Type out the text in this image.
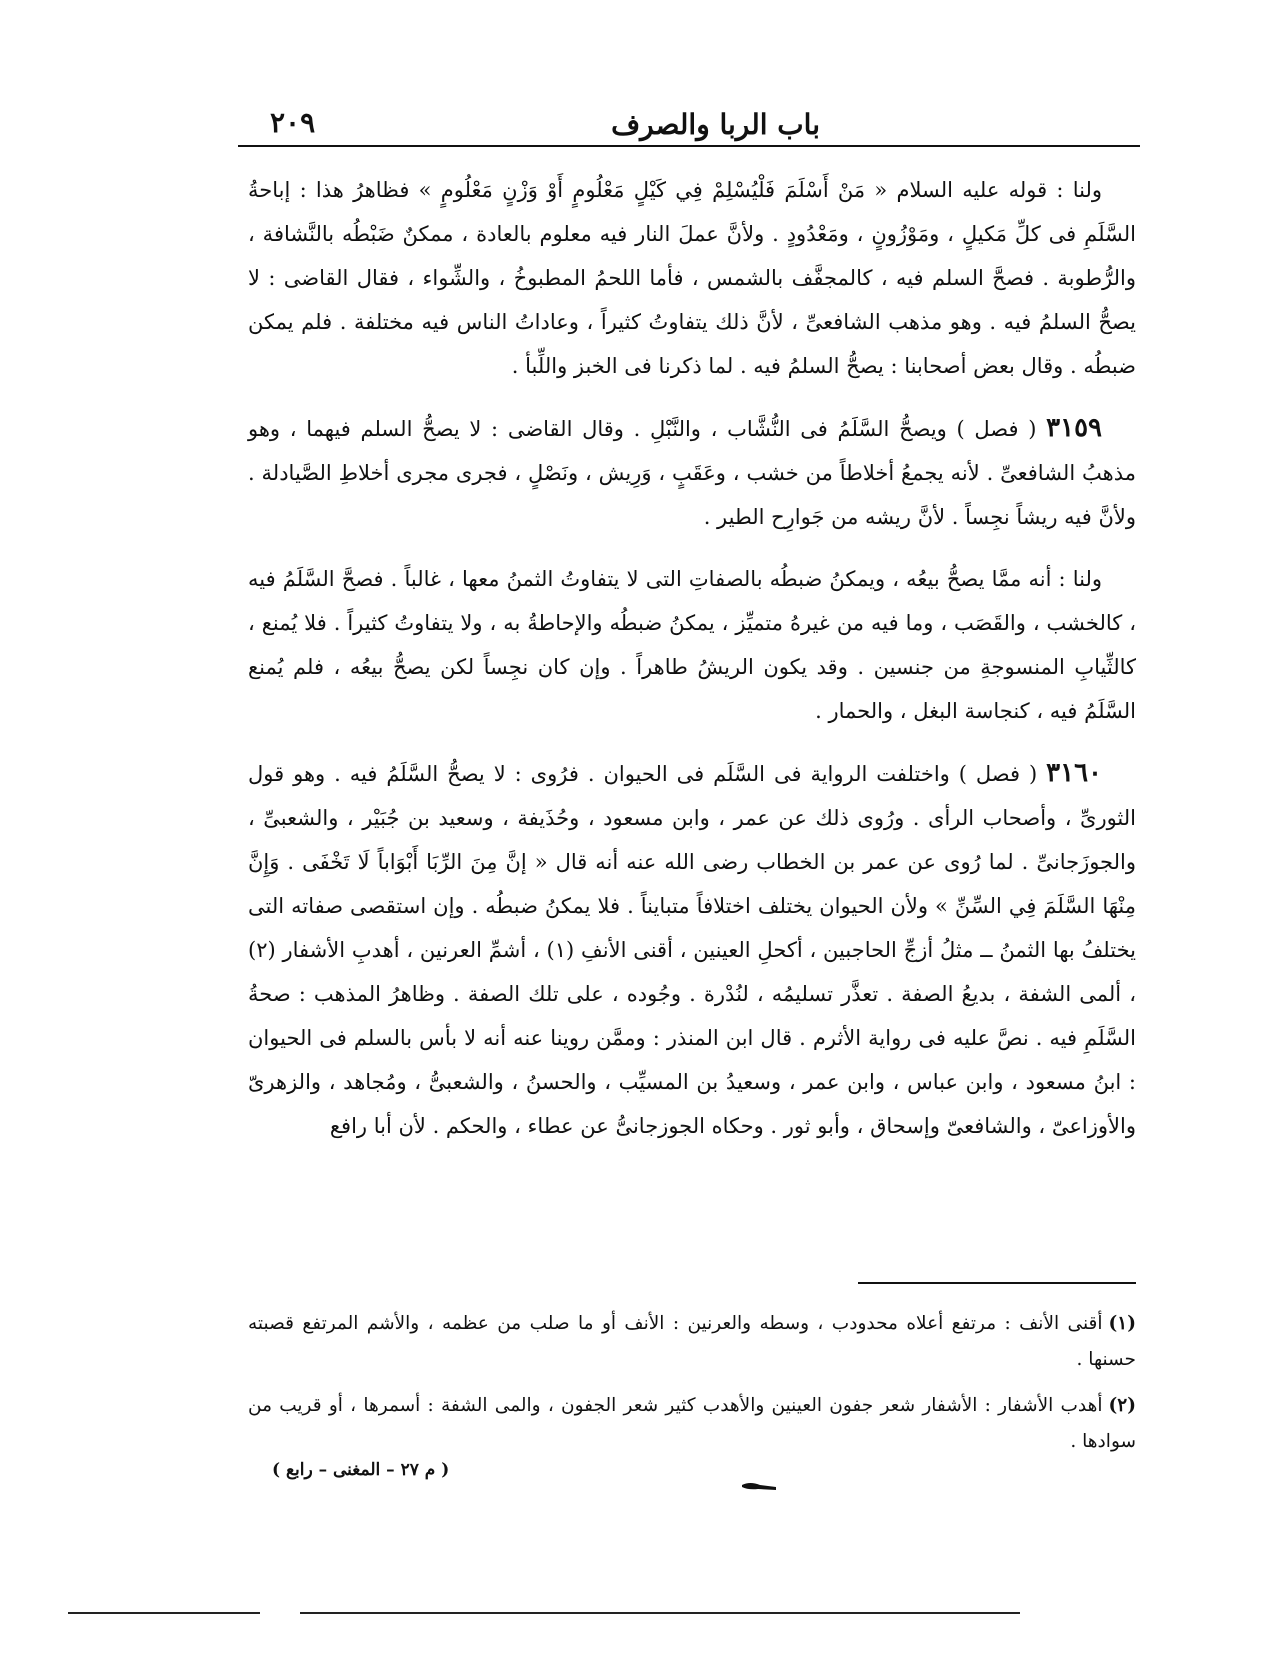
باب الربا والصرف
٢٠٩

ولنا : قوله عليه السلام « مَنْ أَسْلَمَ فَلْيُسْلِمْ فِي كَيْلٍ مَعْلُومٍ أَوْ وَزْنٍ مَعْلُومٍ » فظاهرُ هذا : إباحةُ السَّلَمِ فى كلِّ مَكيلٍ ، ومَوْزُونٍ ، ومَعْدُودٍ . ولأنَّ عملَ النار فيه معلوم بالعادة ، ممكنٌ ضَبْطُه بالنَّشافة ، والرُّطوبة . فصحَّ السلم فيه ، كالمجفَّف بالشمس ، فأما اللحمُ المطبوخُ ، والشِّواء ، فقال القاضى : لا يصحُّ السلمُ فيه . وهو مذهب الشافعىِّ ، لأنَّ ذلك يتفاوتُ كثيراً ، وعاداتُ الناس فيه مختلفة . فلم يمكن ضبطُه . وقال بعض أصحابنا : يصحُّ السلمُ فيه . لما ذكرنا فى الخبز واللِّبأ .

٣١٥٩ ( فصل ) ويصحُّ السَّلَمُ فى النُّشَّاب ، والنَّبْلِ . وقال القاضى : لا يصحُّ السلم فيهما ، وهو مذهبُ الشافعىِّ . لأنه يجمعُ أخلاطاً من خشب ، وعَقَبٍ ، وَرِيش ، ونَصْلٍ ، فجرى مجرى أخلاطِ الصَّيادلة . ولأنَّ فيه ريشاً نجِساً . لأنَّ ريشه من جَوارِح الطير .

ولنا : أنه ممَّا يصحُّ بيعُه ، ويمكنُ ضبطُه بالصفاتِ التى لا يتفاوتُ الثمنُ معها ، غالباً . فصحَّ السَّلَمُ فيه ، كالخشب ، والقَصَب ، وما فيه من غيرهُ متميِّز ، يمكنُ ضبطُه والإحاطةُ به ، ولا يتفاوتُ كثيراً . فلا يُمنع ، كالثِّيابِ المنسوجةِ من جنسين . وقد يكون الريشُ طاهراً . وإن كان نجِساً لكن يصحُّ بيعُه ، فلم يُمنع السَّلَمُ فيه ، كنجاسة البغل ، والحمار .

٣١٦٠ ( فصل ) واختلفت الرواية فى السَّلَم فى الحيوان . فرُوى : لا يصحُّ السَّلَمُ فيه . وهو قول الثورىِّ ، وأصحاب الرأى . ورُوى ذلك عن عمر ، وابن مسعود ، وحُذَيفة ، وسعيد بن جُبَيْر ، والشعبىِّ ، والجوزَجانىِّ . لما رُوى عن عمر بن الخطاب رضى الله عنه أنه قال « إنَّ مِنَ الرِّبَا أَبْوَاباً لَا تَخْفَى . وَإِنَّ مِنْهَا السَّلَمَ فِي السِّنِّ » ولأن الحيوان يختلف اختلافاً متبايناً . فلا يمكنُ ضبطُه . وإن استقصى صفاته التى يختلفُ بها الثمنُ ــ مثلُ أزجِّ الحاجبين ، أكحلِ العينين ، أقنى الأنفِ (١) ، أشمِّ العرنين ، أهدبِ الأشفار (٢) ، ألمى الشفة ، بديعُ الصفة . تعذَّر تسليمُه ، لنُدْرة . وجُوده ، على تلك الصفة . وظاهرُ المذهب : صحةُ السَّلَمِ فيه . نصَّ عليه فى رواية الأثرم . قال ابن المنذر : وممَّن روينا عنه أنه لا بأس بالسلم فى الحيوان : ابنُ مسعود ، وابن عباس ، وابن عمر ، وسعيدُ بن المسيِّب ، والحسنُ ، والشعبىُّ ، ومُجاهد ، والزهرىّ والأوزاعىّ ، والشافعىّ وإسحاق ، وأبو ثور . وحكاه الجوزجانىُّ عن عطاء ، والحكم . لأن أبا رافع

(١)أقنى الأنف : مرتفع أعلاه محدودب ، وسطه والعرنين : الأنف أو ما صلب من عظمه ، والأشم المرتفع قصبته حسنها .

(٢)أهدب الأشفار : الأشفار شعر جفون العينين والأهدب كثير شعر الجفون ، والمى الشفة : أسمرها ، أو قريب من سوادها .

( م ٢٧ – المغنى – رابع )
